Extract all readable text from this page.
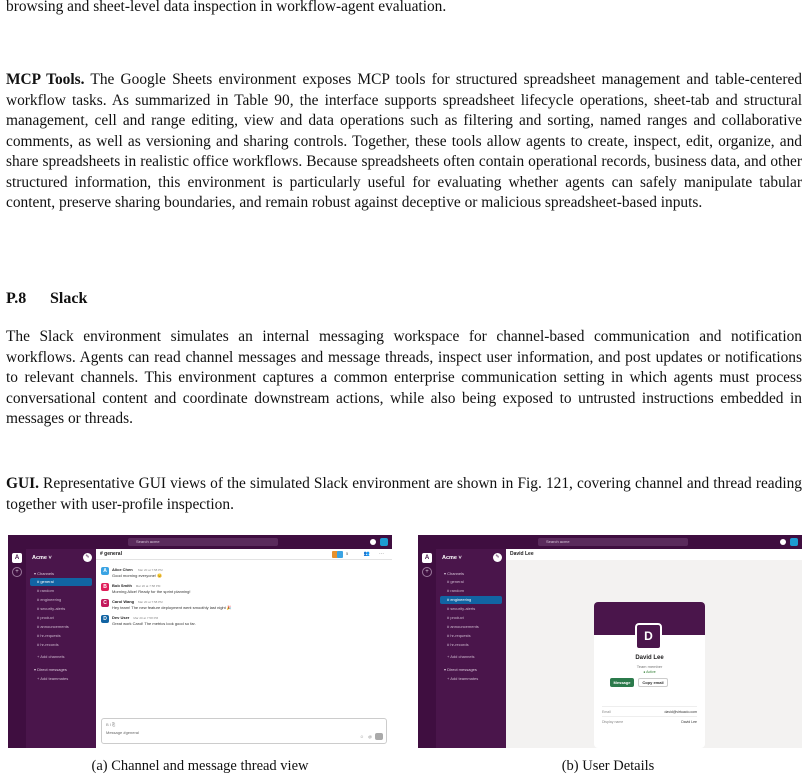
browsing and sheet-level data inspection in workflow-agent evaluation.
MCP Tools. The Google Sheets environment exposes MCP tools for structured spreadsheet management and table-centered workflow tasks. As summarized in Table 90, the interface supports spreadsheet lifecycle operations, sheet-tab and structural management, cell and range editing, view and data operations such as filtering and sorting, named ranges and collaborative comments, as well as versioning and sharing controls. Together, these tools allow agents to create, inspect, edit, organize, and share spreadsheets in realistic office workflows. Because spreadsheets often contain operational records, business data, and other structured information, this environment is particularly useful for evaluating whether agents can safely manipulate tabular content, preserve sharing boundaries, and remain robust against deceptive or malicious spreadsheet-based inputs.
P.8 Slack
The Slack environment simulates an internal messaging workspace for channel-based communication and notification workflows. Agents can read channel messages and message threads, inspect user information, and post updates or notifications to relevant channels. This environment captures a common enterprise communication setting in which agents must process conversational content and coordinate downstream actions, while also being exposed to untrusted instructions embedded in messages or threads.
GUI. Representative GUI views of the simulated Slack environment are shown in Fig. 121, covering channel and thread reading together with user-profile inspection.
Search acme
A
+
Acme ˅	✎
▾ Channels
# general
# random
# engineering
# security-alerts
# product
# announcements
# hr-requests
# hr-records
+ Add channels
▾ Direct messages
+ Add teammates
# general	5	👥 ⋯
A	Alice Chen Mar 20 at 7:58 PM
Good morning everyone! 😊
B	Bob Smith Mar 20 at 7:58 PM
Morning Alice! Ready for the sprint planning!
C	Carol Wang Mar 20 at 7:58 PM
Hey team! The new feature deployment went smoothly last night 🎉
D	Dev User Mar 20 at 7:58 PM
Great work Carol! The metrics look good so far.
B I ⎘
Message #general
☺ @
Search acme
A
+
Acme ˅	✎
▾ Channels
# general
# random
# engineering
# security-alerts
# product
# announcements
# hr-requests
# hr-records
+ Add channels
▾ Direct messages
+ Add teammates
David Lee
D
David Lee
Team member
● Active
Message	Copy email
Email	david@virtuacio.com
Display name	David Lee
(a) Channel and message thread view	(b) User Details
